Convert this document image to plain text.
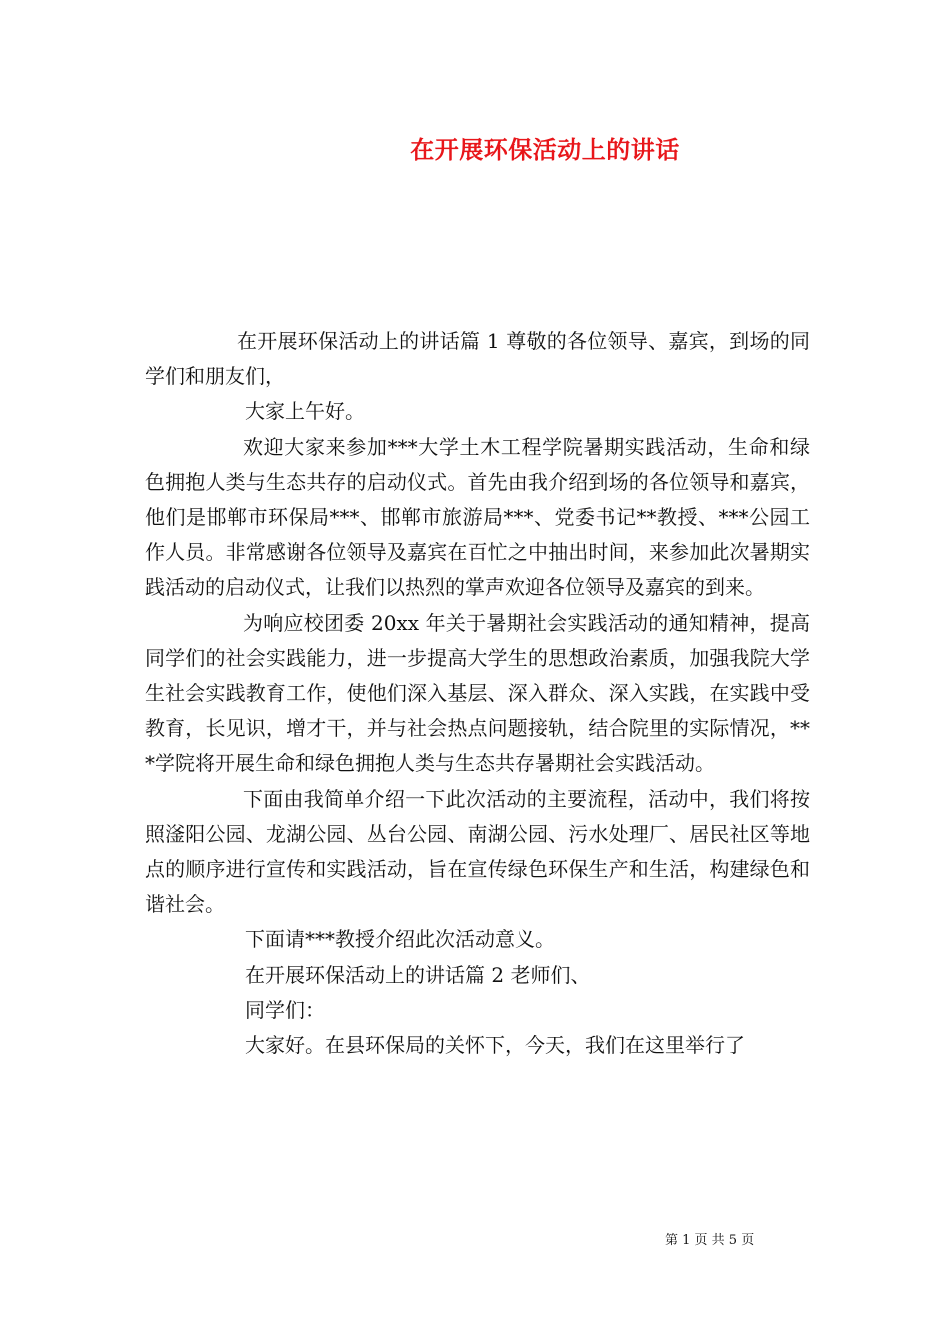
在开展环保活动上的讲话

在开展环保活动上的讲话篇 1 尊敬的各位领导、嘉宾，到场的同学们和朋友们，

大家上午好。

欢迎大家来参加***大学土木工程学院暑期实践活动，生命和绿色拥抱人类与生态共存的启动仪式。首先由我介绍到场的各位领导和嘉宾，他们是邯郸市环保局***、邯郸市旅游局***、党委书记**教授、***公园工作人员。非常感谢各位领导及嘉宾在百忙之中抽出时间，来参加此次暑期实践活动的启动仪式，让我们以热烈的掌声欢迎各位领导及嘉宾的到来。

为响应校团委 20xx 年关于暑期社会实践活动的通知精神，提高同学们的社会实践能力，进一步提高大学生的思想政治素质，加强我院大学生社会实践教育工作，使他们深入基层、深入群众、深入实践，在实践中受教育，长见识，增才干，并与社会热点问题接轨，结合院里的实际情况，***学院将开展生命和绿色拥抱人类与生态共存暑期社会实践活动。

下面由我简单介绍一下此次活动的主要流程，活动中，我们将按照滏阳公园、龙湖公园、丛台公园、南湖公园、污水处理厂、居民社区等地点的顺序进行宣传和实践活动，旨在宣传绿色环保生产和生活，构建绿色和谐社会。

下面请***教授介绍此次活动意义。

在开展环保活动上的讲话篇 2 老师们、

同学们：

大家好。在县环保局的关怀下，今天，我们在这里举行了

第 1 页 共 5 页
